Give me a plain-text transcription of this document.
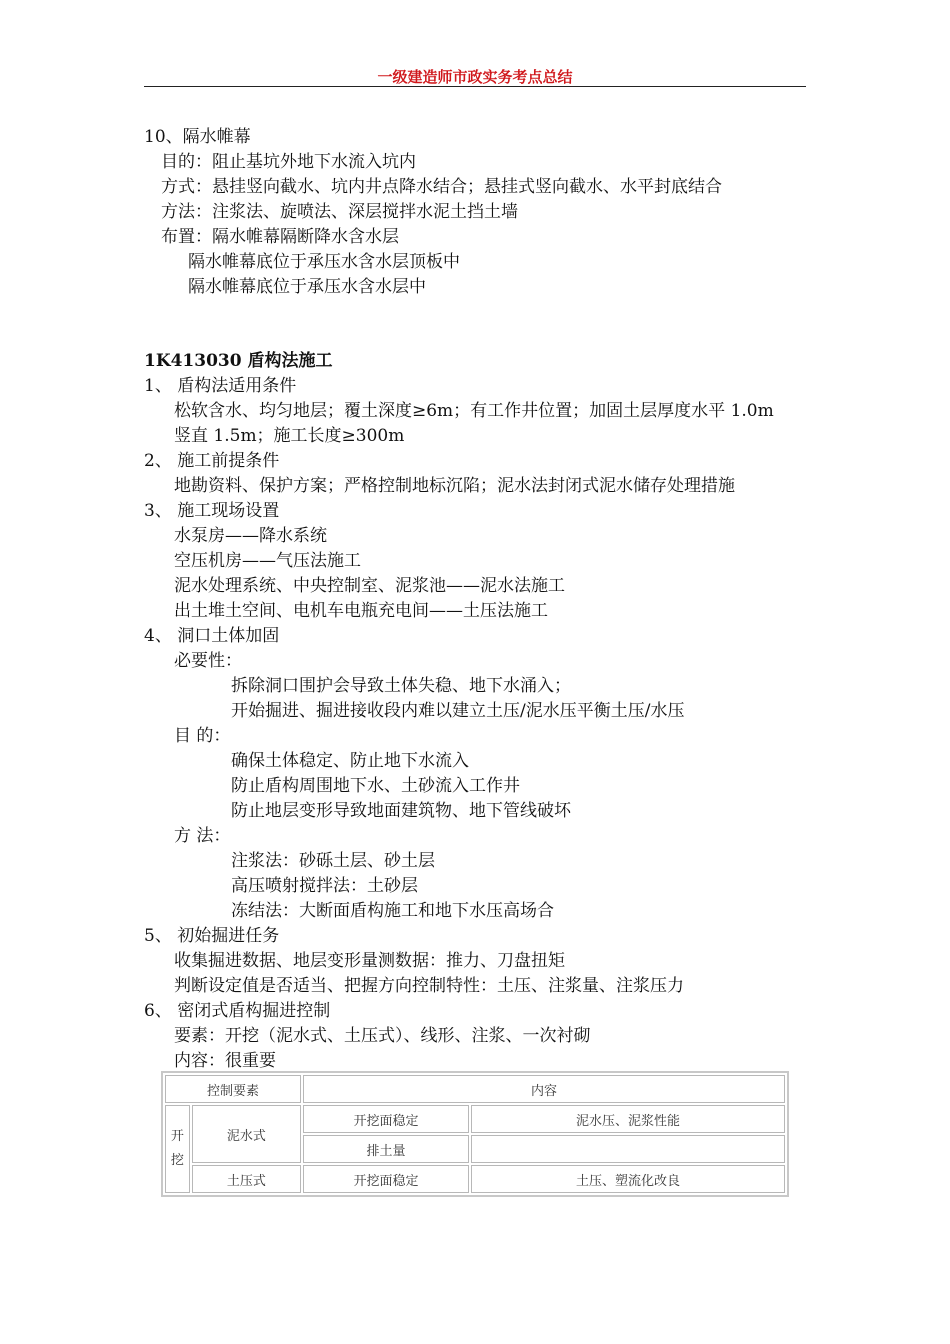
一级建造师市政实务考点总结
10、隔水帷幕
目的：阻止基坑外地下水流入坑内
方式：悬挂竖向截水、坑内井点降水结合；悬挂式竖向截水、水平封底结合
方法：注浆法、旋喷法、深层搅拌水泥土挡土墙
布置：隔水帷幕隔断降水含水层
隔水帷幕底位于承压水含水层顶板中
隔水帷幕底位于承压水含水层中
1K413030 盾构法施工
1、 盾构法适用条件
松软含水、均匀地层；覆土深度≥6m；有工作井位置；加固土层厚度水平 1.0m
竖直 1.5m；施工长度≥300m
2、 施工前提条件
地勘资料、保护方案；严格控制地标沉陷；泥水法封闭式泥水储存处理措施
3、 施工现场设置
水泵房——降水系统
空压机房——气压法施工
泥水处理系统、中央控制室、泥浆池——泥水法施工
出土堆土空间、电机车电瓶充电间——土压法施工
4、 洞口土体加固
必要性：
拆除洞口围护会导致土体失稳、地下水涌入；
开始掘进、掘进接收段内难以建立土压/泥水压平衡土压/水压
目 的：
确保土体稳定、防止地下水流入
防止盾构周围地下水、土砂流入工作井
防止地层变形导致地面建筑物、地下管线破坏
方 法：
注浆法：砂砾土层、砂土层
高压喷射搅拌法：土砂层
冻结法：大断面盾构施工和地下水压高场合
5、 初始掘进任务
收集掘进数据、地层变形量测数据：推力、刀盘扭矩
判断设定值是否适当、把握方向控制特性：土压、注浆量、注浆压力
6、 密闭式盾构掘进控制
要素：开挖（泥水式、土压式）、线形、注浆、一次衬砌
内容：很重要
控制要素		内容	
开挖	泥水式	开挖面稳定	泥水压、泥浆性能
		排土量	
	土压式	开挖面稳定	土压、塑流化改良
